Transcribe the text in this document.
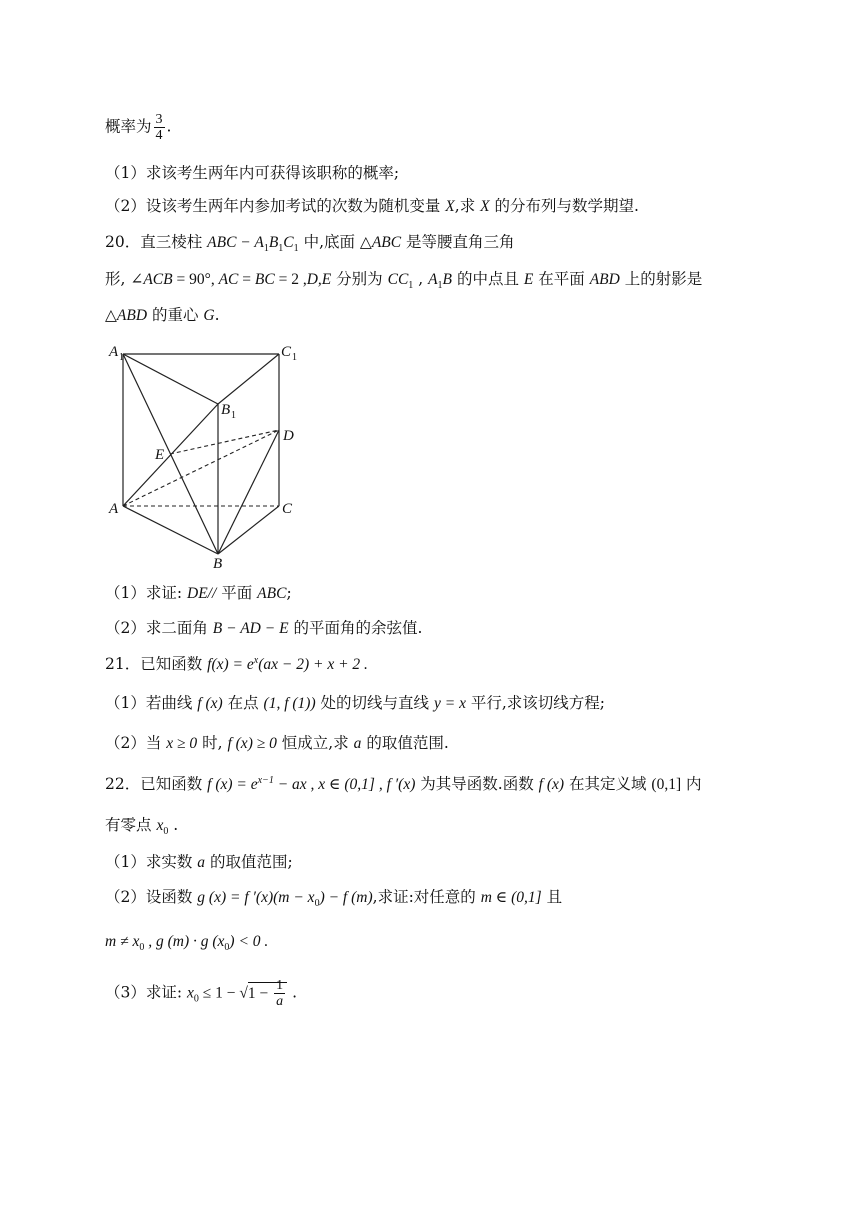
概率为 $\frac{3}{4}$ .
（1）求该考生两年内可获得该职称的概率;
（2）设该考生两年内参加考试的次数为随机变量 X,求 X 的分布列与数学期望.
20．直三棱柱 ABC − $A_1B_1C_1$ 中,底面 △ABC 是等腰直角三角
形, ∠ACB = 90°, AC = BC = 2 ,D,E 分别为 $CC_1$ , $A_1B$ 的中点且 E 在平面 ABD 上的射影是
△ABD 的重心 G.
A 1	C 1
B 1
D
E
A	C
B
（1）求证: DE// 平面 ABC;
（2）求二面角 B − AD − E 的平面角的余弦值.
21．已知函数 $f(x) = e^x(ax - 2) + x + 2$ .
（1）若曲线 f (x) 在点 (1, f (1)) 处的切线与直线 y = x 平行,求该切线方程;
（2）当 x ≥ 0 时, f (x) ≥ 0 恒成立,求 a 的取值范围.
22．已知函数 f $(x) = e^{x-1}$ − ax , x ∈ (0,1] , f ′(x) 为其导函数.函数 f (x) 在其定义域 (0,1] 内
有零点 $x_0$ .
（1）求实数 a 的取值范围;
（2）设函数 g (x) = f $'(x)(m - x_0) - f$ (m),求证:对任意的 m ∈ (0,1] 且
$m \ne x_0$ , g (m) · g $(x_0) < 0$ .
（3）求证: $x_0 \le 1 - √1 - \frac{1}{a}$ .
